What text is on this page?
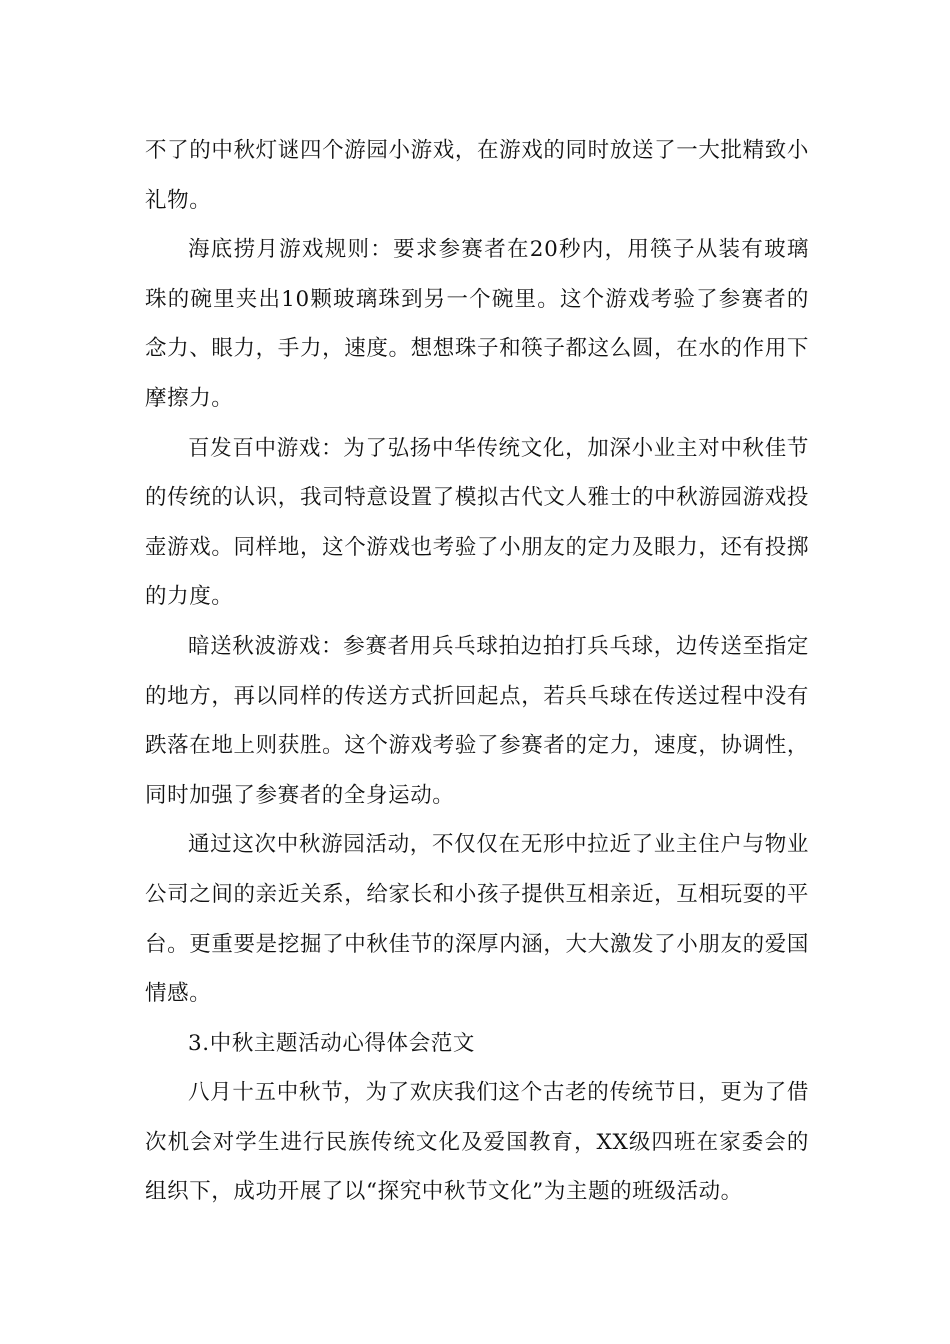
不了的中秋灯谜四个游园小游戏，在游戏的同时放送了一大批精致小礼物。

海底捞月游戏规则：要求参赛者在20秒内，用筷子从装有玻璃珠的碗里夹出10颗玻璃珠到另一个碗里。这个游戏考验了参赛者的念力、眼力，手力，速度。想想珠子和筷子都这么圆，在水的作用下摩擦力。

百发百中游戏：为了弘扬中华传统文化，加深小业主对中秋佳节的传统的认识，我司特意设置了模拟古代文人雅士的中秋游园游戏投壶游戏。同样地，这个游戏也考验了小朋友的定力及眼力，还有投掷的力度。

暗送秋波游戏：参赛者用兵乓球拍边拍打兵乓球，边传送至指定的地方，再以同样的传送方式折回起点，若兵乓球在传送过程中没有跌落在地上则获胜。这个游戏考验了参赛者的定力，速度，协调性，同时加强了参赛者的全身运动。

通过这次中秋游园活动，不仅仅在无形中拉近了业主住户与物业公司之间的亲近关系，给家长和小孩子提供互相亲近，互相玩耍的平台。更重要是挖掘了中秋佳节的深厚内涵，大大激发了小朋友的爱国情感。

3.中秋主题活动心得体会范文

八月十五中秋节，为了欢庆我们这个古老的传统节日，更为了借次机会对学生进行民族传统文化及爱国教育，XX级四班在家委会的组织下，成功开展了以“探究中秋节文化”为主题的班级活动。
